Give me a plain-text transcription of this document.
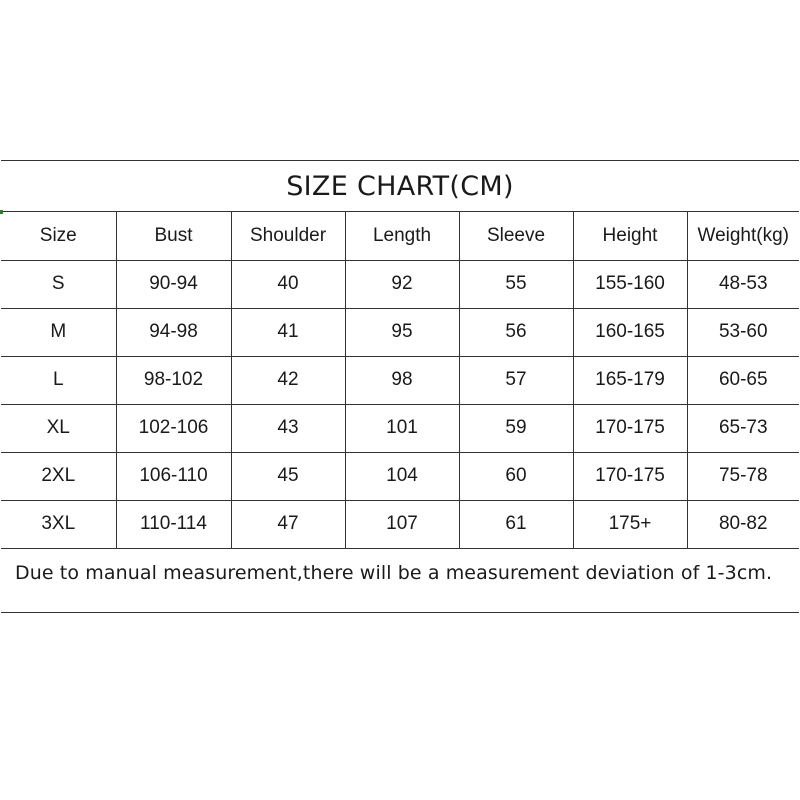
SIZE CHART(CM)
Size	Bust	Shoulder	Length	Sleeve	Height	Weight(kg)
S	90-94	40	92	55	155-160	48-53
M	94-98	41	95	56	160-165	53-60
L	98-102	42	98	57	165-179	60-65
XL	102-106	43	101	59	170-175	65-73
2XL	106-110	45	104	60	170-175	75-78
3XL	110-114	47	107	61	175+	80-82
Due to manual measurement,there will be a measurement deviation of 1-3cm.
